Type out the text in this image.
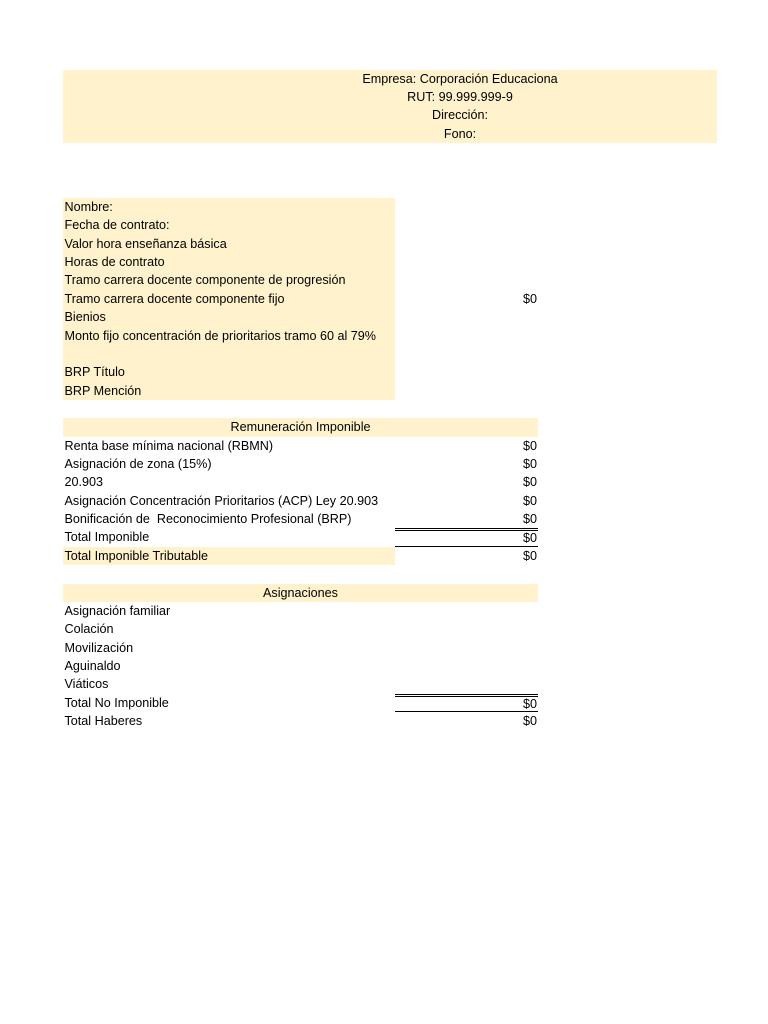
Empresa: Corporación Educaciona
RUT: 99.999.999-9
Dirección:
Fono:
Nombre:
Fecha de contrato:
Valor hora enseñanza básica
Horas de contrato
Tramo carrera docente componente de progresión
Tramo carrera docente componente fijo	$0
Bienios
Monto fijo concentración de prioritarios tramo 60 al 79%
BRP Título
BRP Mención
Remuneración Imponible
Renta base mínima nacional (RBMN)	$0
Asignación de zona (15%)	$0
20.903	$0
Asignación Concentración Prioritarios (ACP) Ley 20.903	$0
Bonificación de  Reconocimiento Profesional (BRP)	$0
Total Imponible	$0
Total Imponible Tributable	$0
Asignaciones
Asignación familiar
Colación
Movilización
Aguinaldo
Viáticos
Total No Imponible	$0
Total Haberes	$0
